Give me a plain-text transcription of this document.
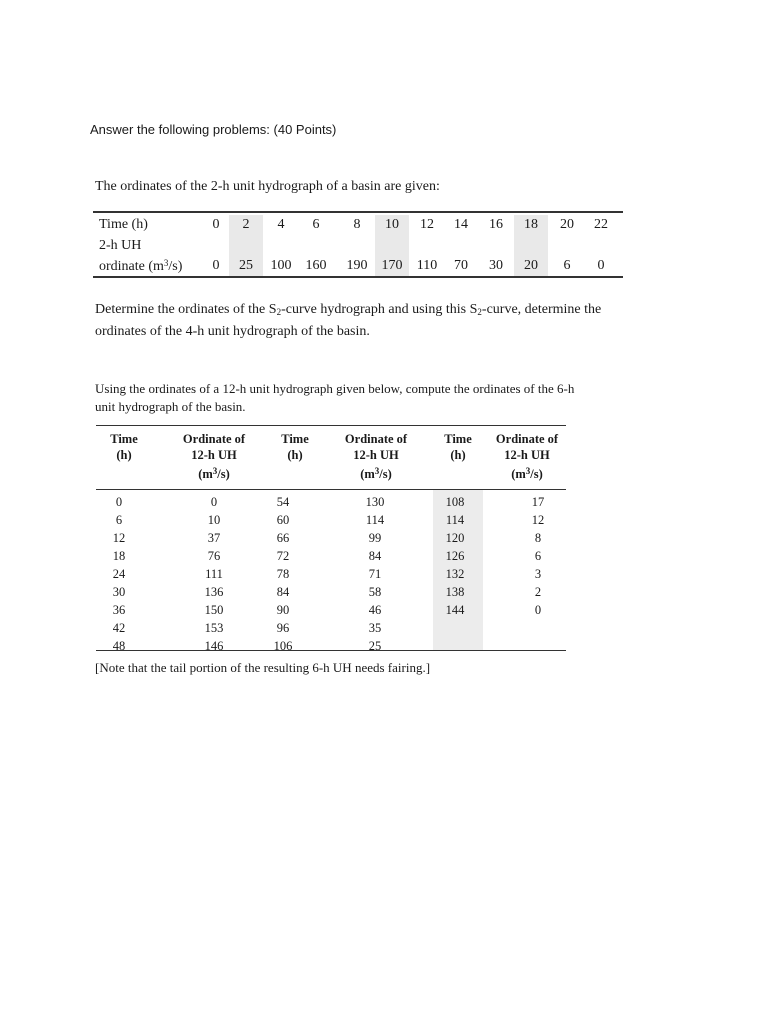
Answer the following problems: (40 Points)
The ordinates of the 2-h unit hydrograph of a basin are given:
Time (h)	0 2 4 6 8 10 12 14 16 18 20 22
2-h UH
ordinate $(m^3/s)$ 0 25 100 160 190 170 110 70 30 20 6 0
Determine the ordinates of the $S_2$-curve hydrograph and using this $S_2$-curve, determine the ordinates of the 4-h unit hydrograph of the basin.
Using the ordinates of a 12-h unit hydrograph given below, compute the ordinates of the 6-h unit hydrograph of the basin.
Time
(h)
Ordinate of
12-h UH
$(m^3/s)$
Time
(h)
Ordinate of
12-h UH
$(m^3/s)$
Time
(h)
Ordinate of
12-h UH
$(m^3/s)$
0
6
12
18
24
30
36
42
48
0
10
37
76
111
136
150
153
146
54
60
66
72
78
84
90
96
106
130
114
99
84
71
58
46
35
25
108
114
120
126
132
138
144
17
12
8
6
3
2
0
[Note that the tail portion of the resulting 6-h UH needs fairing.]
